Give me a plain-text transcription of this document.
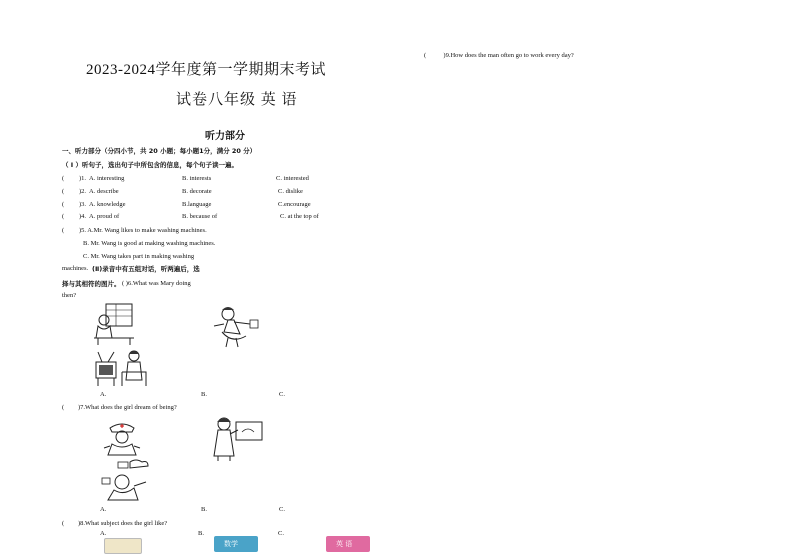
(	)9.How does the man often go to work every day?
2023-2024学年度第一学期期末考试
试卷八年级 英 语
听力部分
一、听力部分（分四小节，共 20 小题；每小题1分，满分 20 分）
（ Ⅰ ）听句子，选出句子中所包含的信息，每个句子读一遍。
( )1. A. interesting	B. interests	C. interested
( )2. A. describe	B. decorate	C. dislike
( )3. A. knowledge	B.language	C.encourage
( )4. A. proud of	B. because of	C. at the top of
( )5. A.Mr. Wang likes to make washing machines.
B. Mr. Wang is good at making washing machines.
C. Mr. Wang takes part in making washing
machines. (Ⅱ)录音中有五组对话，听两遍后，选
择与其相符的图片。 ( )6.What was Mary doing
then?
A.	B.	C.
( )7.What does the girl dream of being?
A.	B.	C.
( )8.What subject does the girl like?
A.	B.	C.
数学	英 语
